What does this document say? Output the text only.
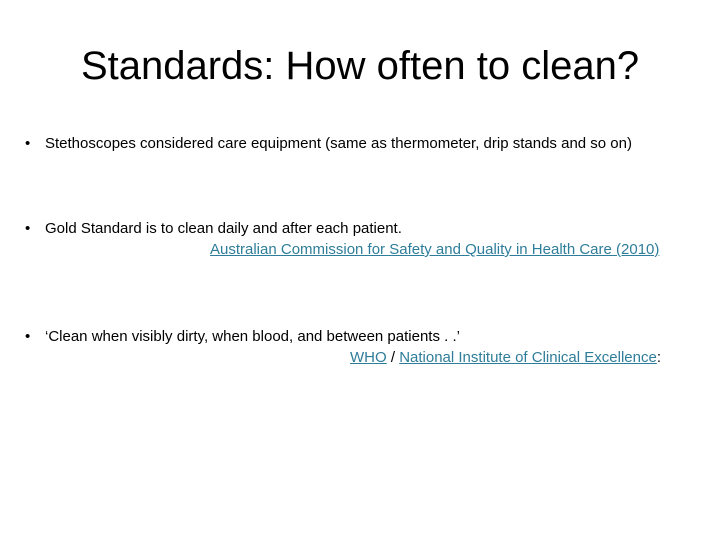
Standards: How often to clean?
• Stethoscopes considered care equipment (same as thermometer, drip stands and so on)
• Gold Standard is to clean daily and after each patient.
Australian Commission for Safety and Quality in Health Care (2010)
• ‘Clean when visibly dirty, when blood, and between patients . .’
WHO / National Institute of Clinical Excellence:
